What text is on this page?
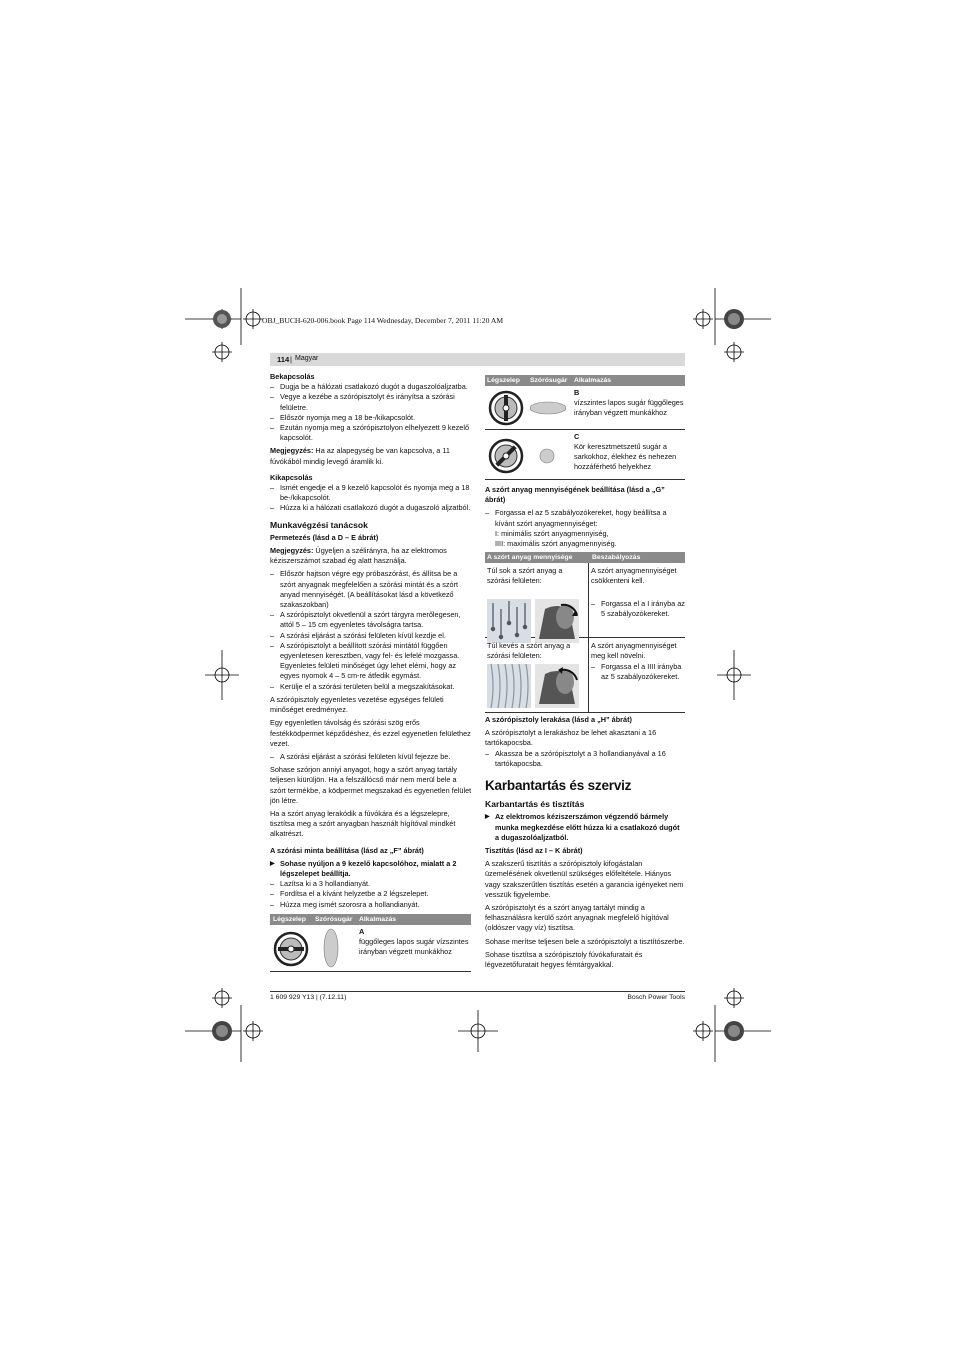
OBJ_BUCH-620-006.book Page 114 Wednesday, December 7, 2011 11:20 AM
114 | Magyar

Bekapcsolás

– Dugja be a hálózati csatlakozó dugót a dugaszolóaljzatba.
– Vegye a kezébe a szórópisztolyt és irányítsa a szórási felületre.
– Először nyomja meg a 18 be-/kikapcsolót.
– Ezután nyomja meg a szórópisztolyon elhelyezett 9 kezelő kapcsolót.

Megjegyzés: Ha az alapegység be van kapcsolva, a 11 fúvókából mindig levegő áramlik ki.

Kikapcsolás

– Ismét engedje el a 9 kezelő kapcsolót és nyomja meg a 18 be-/kikapcsolót.
– Húzza ki a hálózati csatlakozó dugót a dugaszoló aljzatból.

Munkavégzési tanácsok

Permetezés (lásd a D – E ábrát)

Megjegyzés: Ügyeljen a szélirányra, ha az elektromos kéziszerszámot szabad ég alatt használja.

– Először hajtson végre egy próbaszórást, és állítsa be a szórt anyagnak megfelelően a szórási mintát és a szórt anyad mennyiségét. (A beállításokat lásd a következő szakaszokban)
– A szórópisztolyt okvetlenül a szórt tárgyra merőlegesen, attól 5 – 15 cm egyenletes távolságra tartsa.
– A szórási eljárást a szórási felületen kívül kezdje el.
– A szórópisztolyt a beállított szórási mintától függően egyenletesen keresztben, vagy fel- és lefelé mozgassa. Egyenletes felületi minőséget úgy lehet elérni, hogy az egyes nyomok 4 – 5 cm-re átfedik egymást.
– Kerülje el a szórási területen belül a megszakításokat.

A szórópisztoly egyenletes vezetése egységes felületi minőséget eredményez.

Egy egyenletlen távolság és szórási szög erős festékködpermet képződéshez, és ezzel egyenetlen felülethez vezet.

– A szórási eljárást a szórási felületen kívül fejezze be.

Sohase szórjon anniyi anyagot, hogy a szórt anyag tartály teljesen kiürüljön. Ha a felszállócső már nem merül bele a szórt termékbe, a ködpermet megszakad és egyenetlen felület jön létre.

Ha a szórt anyag lerakódik a fúvókára és a légszelepre, tisztítsa meg a szórt anyagban használt hígítóval mindkét alkatrészt.

A szórási minta beállítása (lásd az „F” ábrát)

▶ Sohase nyúljon a 9 kezelő kapcsolóhoz, mialatt a 2 légszelepet beállítja.

– Lazítsa ki a 3 hollandianyát.
– Fordítsa el a kívánt helyzetbe a 2 légszelepet.
– Húzza meg ismét szorosra a hollandianyát.
Légszelep Szórósugár Alkalmazás
A
függőleges lapos sugár vízszintes irányban végzett munkákhoz
Légszelep Szórósugár Alkalmazás
B
vízszintes lapos sugár függőleges irányban végzett munkákhoz
C
Kör keresztmetszetű sugár a sarkokhoz, élekhez és nehezen hozzáférhető helyekhez

A szórt anyag mennyiségének beállítása (lásd a „G” ábrát)

– Forgassa el az 5 szabályozókereket, hogy beállítsa a kívánt szórt anyagmennyiséget:

I: minimális szórt anyagmennyiség,

IIII: maximális szórt anyagmennyiség.

A szórt anyag mennyisége	Beszabályozás
Túl sok a szórt anyag a szórási felületen:
A szórt anyagmennyiséget csökkenteni kell.
– Forgassa el a I irányba az 5 szabályozókereket.
Túl kevés a szórt anyag a szórási felületen:
A szórt anyagmennyiséget meg kell növelni.
– Forgassa el a IIII irányba az 5 szabályozókereket.

A szórópisztoly lerakása (lásd a „H” ábrát)

A szórópisztolyt a lerakáshoz be lehet akasztani a 16 tartókapocsba.

– Akassza be a szórópisztolyt a 3 hollandianyával a 16 tartókapocsba.

Karbantartás és szerviz

Karbantartás és tisztítás

▶ Az elektromos kéziszerszámon végzendő bármely munka megkezdése előtt húzza ki a csatlakozó dugót a dugaszolóaljzatból.

Tisztítás (lásd az I – K ábrát)

A szakszerű tisztítás a szórópisztoly kifogástalan üzemelésének okvetlenül szükséges előfeltétele. Hiányos vagy szakszerűtlen tisztítás esetén a garancia igényeket nem vesszük figyelembe.

A szórópisztolyt és a szórt anyag tartályt mindig a felhasználásra kerülő szórt anyagnak megfelelő hígítóval (oldószer vagy víz) tisztítsa.

Sohase merítse teljesen bele a szórópisztolyt a tisztítószerbe.

Sohase tisztítsa a szórópisztoly fúvókafuratait és légvezetőfuratait hegyes fémtárgyakkal.

1 609 929 Y13 | (7.12.11)	Bosch Power Tools
